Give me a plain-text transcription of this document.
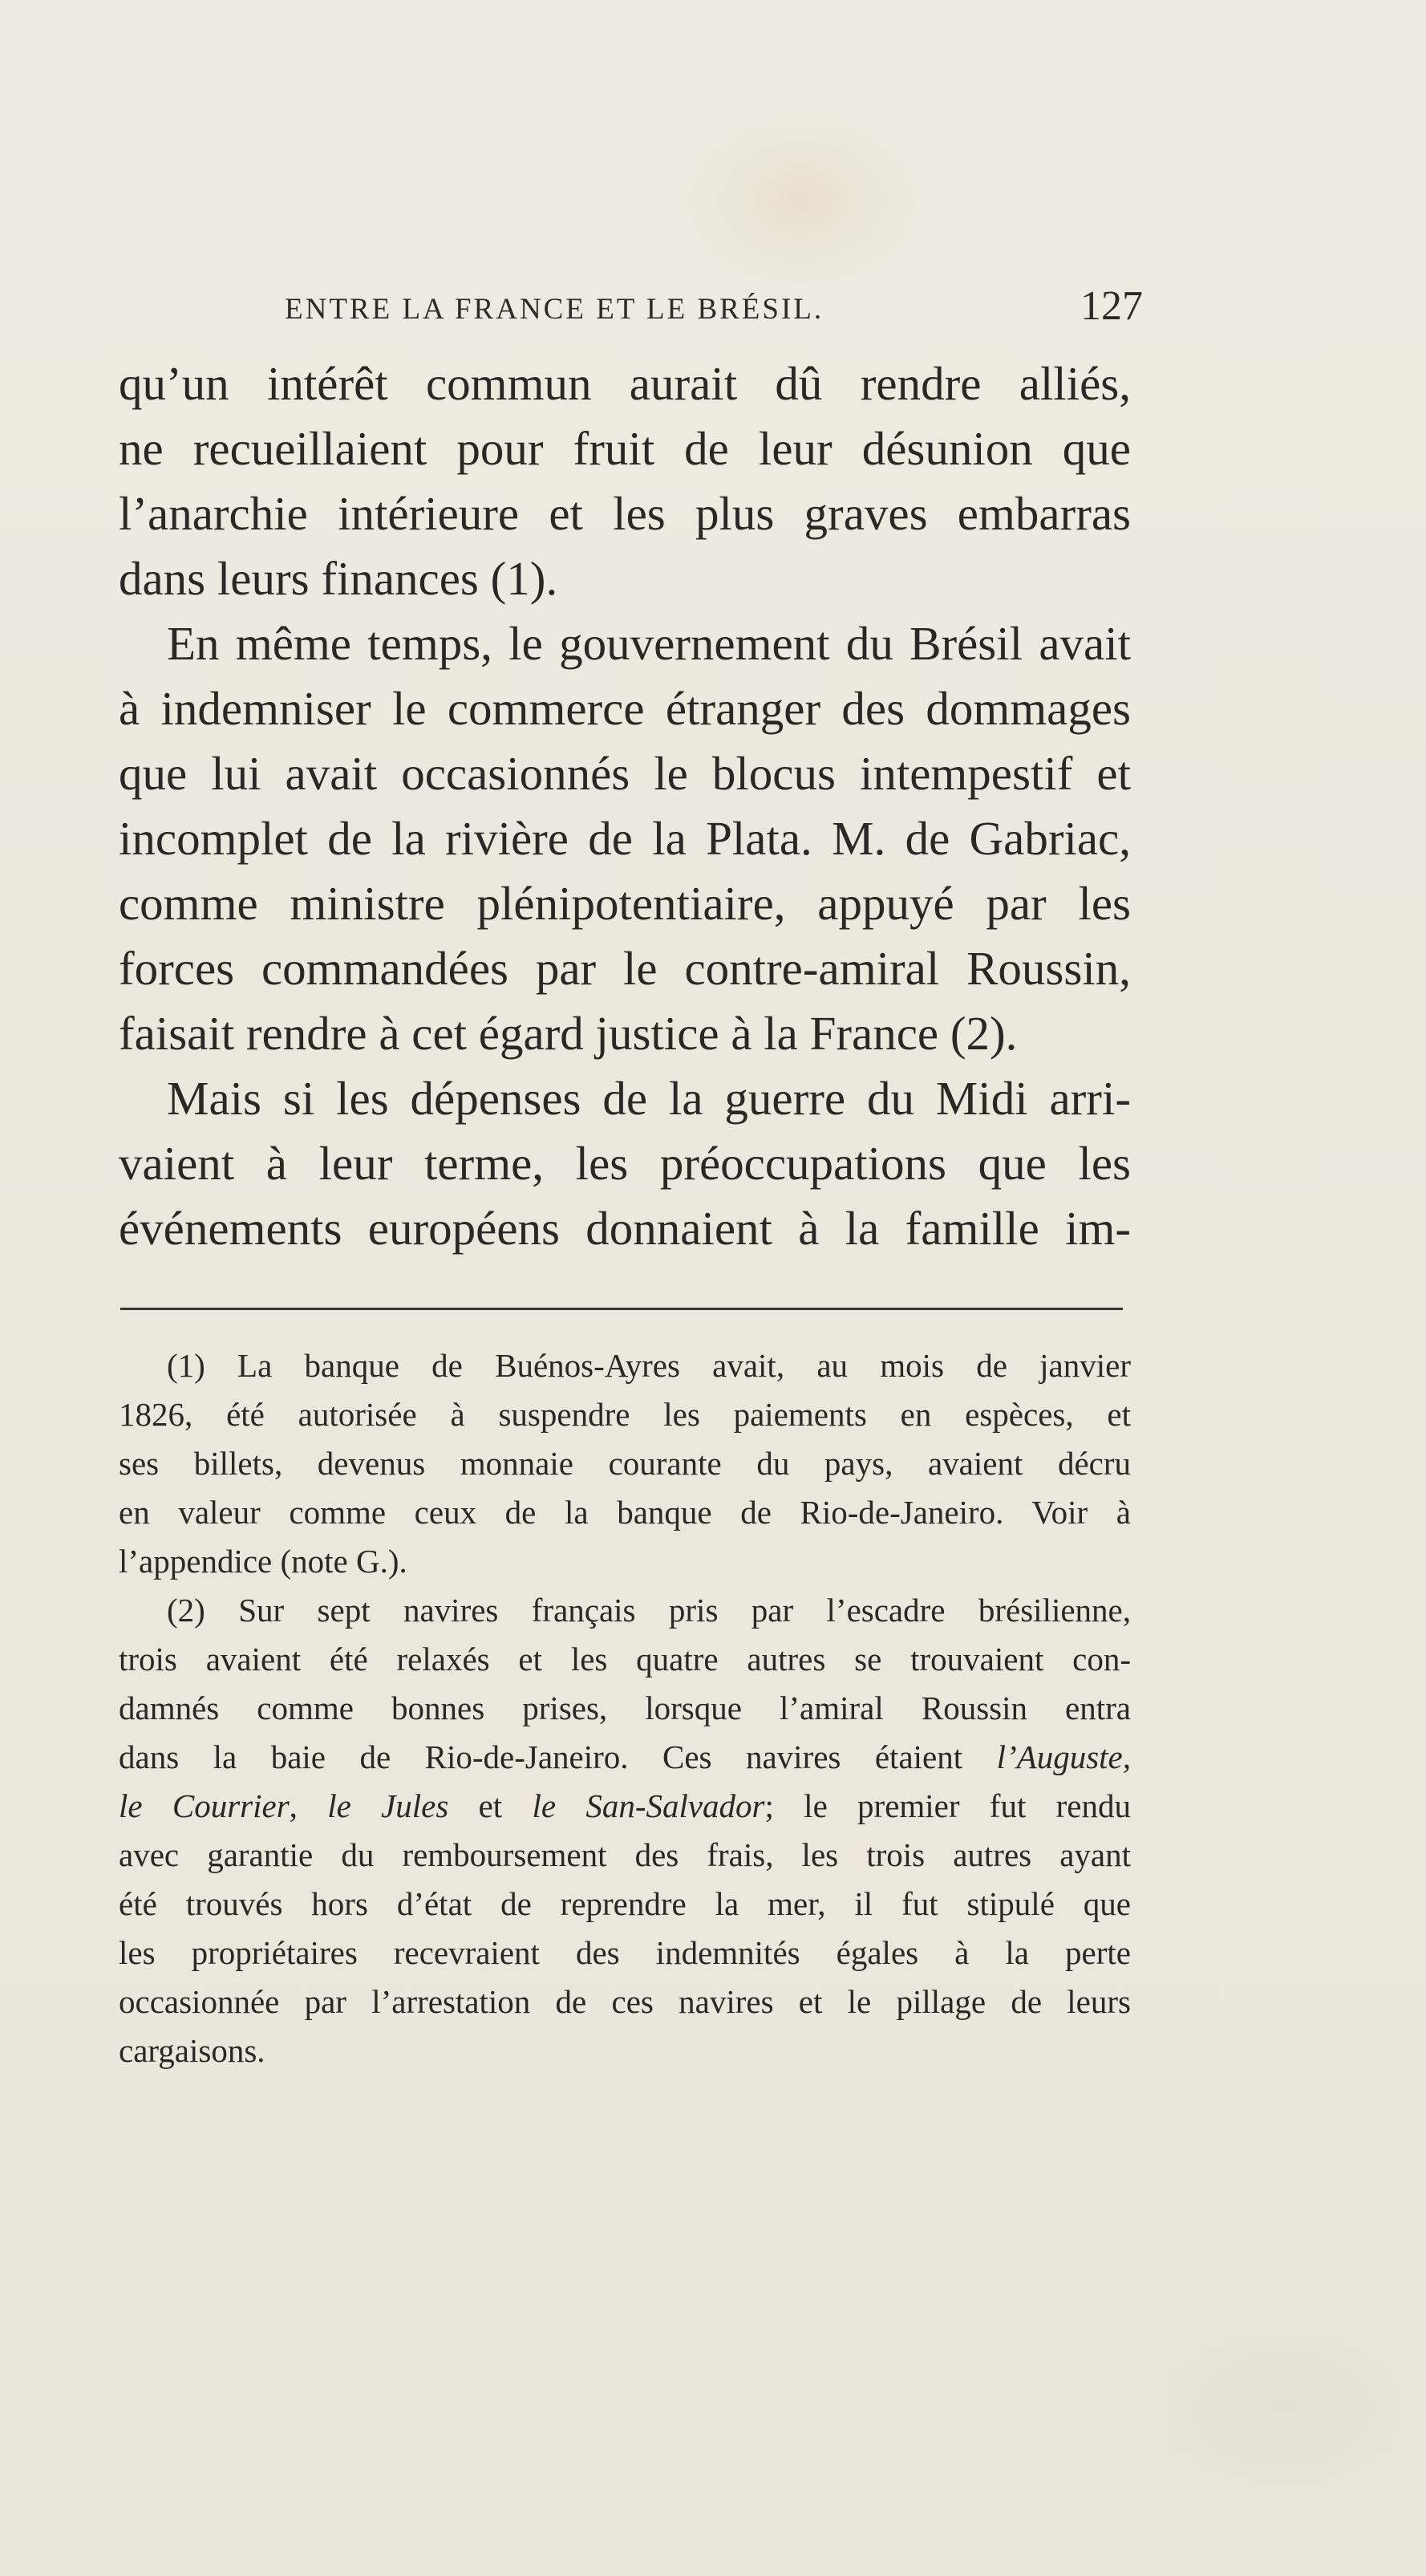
ENTRE LA FRANCE ET LE BRÉSIL.	127
qu’un intérêt commun aurait dû rendre alliés,
ne recueillaient pour fruit de leur désunion que
l’anarchie intérieure et les plus graves embarras
dans leurs finances (1).
En même temps, le gouvernement du Brésil avait
à indemniser le commerce étranger des dommages
que lui avait occasionnés le blocus intempestif et
incomplet de la rivière de la Plata. M. de Gabriac,
comme ministre plénipotentiaire, appuyé par les
forces commandées par le contre-amiral Roussin,
faisait rendre à cet égard justice à la France (2).
Mais si les dépenses de la guerre du Midi arri-
vaient à leur terme, les préoccupations que les
événements européens donnaient à la famille im-
(1) La banque de Buénos-Ayres avait, au mois de janvier
1826, été autorisée à suspendre les paiements en espèces, et
ses billets, devenus monnaie courante du pays, avaient décru
en valeur comme ceux de la banque de Rio-de-Janeiro. Voir à
l’appendice (note G.).
(2) Sur sept navires français pris par l’escadre brésilienne,
trois avaient été relaxés et les quatre autres se trouvaient con-
damnés comme bonnes prises, lorsque l’amiral Roussin entra
dans la baie de Rio-de-Janeiro. Ces navires étaient l’Auguste,
le Courrier, le Jules et le San-Salvador; le premier fut rendu
avec garantie du remboursement des frais, les trois autres ayant
été trouvés hors d’état de reprendre la mer, il fut stipulé que
les propriétaires recevraient des indemnités égales à la perte
occasionnée par l’arrestation de ces navires et le pillage de leurs
cargaisons.
